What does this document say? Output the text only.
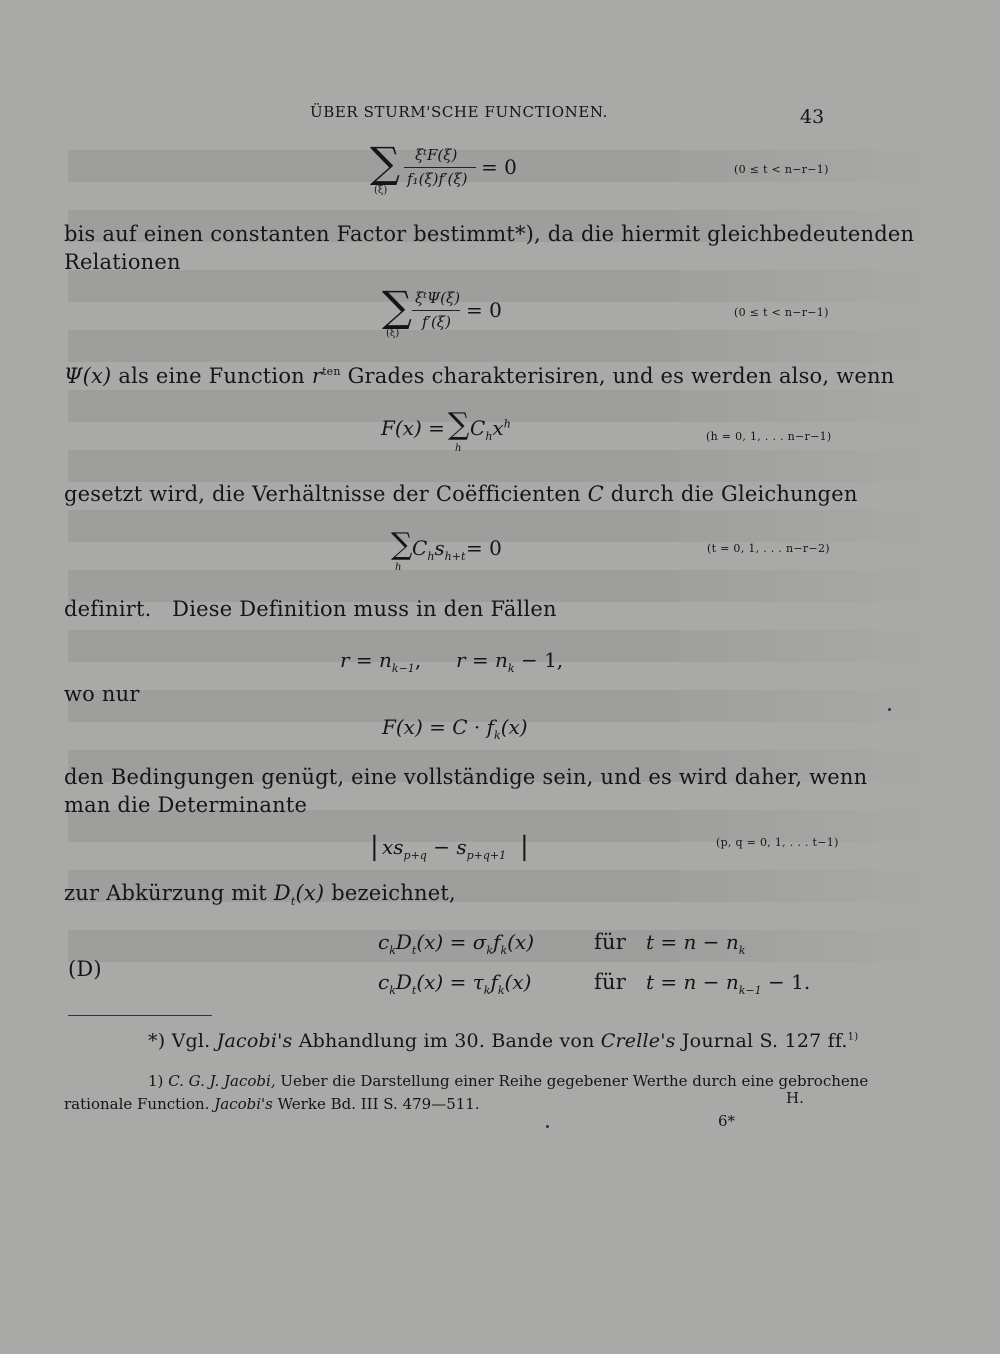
ÜBER STURM'SCHE FUNCTIONEN.	43
∑
(ξ)
ξᵗF(ξ)
f₁(ξ)f′(ξ) = 0	(0 ≤ t < n−r−1)
bis auf einen constanten Factor bestimmt*), da die hiermit gleichbedeutenden
Relationen
∑
(ξ)
ξᵗΨ(ξ)
f′(ξ) = 0	(0 ≤ t < n−r−1)
Ψ(x) als eine Function $r^{ten}$ Grades charakterisiren, und es werden also, wenn
F(x) = ∑
h
$C_hx^h$
(h = 0, 1, . . . n−r−1)
gesetzt wird, die Verhältnisse der Coëfficienten C durch die Gleichungen
∑
h
$C_hs_{h+t} = 0$	(t = 0, 1, . . . n−r−2)
definirt.   Diese Definition muss in den Fällen
$r = n_{k-1}$, $r = n_k - 1$,
wo nur
$F(x) = C \cdot f_k(x)$
den Bedingungen genügt, eine vollständige sein, und es wird daher, wenn
man die Determinante
| $xs_{p+q} - s_{p+q+1}$ |	(p, q = 0, 1, . . . t−1)
zur Abkürzung mit $D_t(x)$ bezeichnet,
(D)
$c_kD_t(x) = \sigma_kf_k(x)$	für $t = n - n_k$
$c_kD_t(x) = \tau_kf_k(x)$	für $t = n - n_{k-1} - 1$.
*) Vgl. Jacobi's Abhandlung im 30. Bande von Crelle's Journal S. 127 ff.$^{1)}$
1) C. G. J. Jacobi, Ueber die Darstellung einer Reihe gegebener Werthe durch eine gebrochene
rationale Function. Jacobi's Werke Bd. III S. 479—511.	H.
6*
